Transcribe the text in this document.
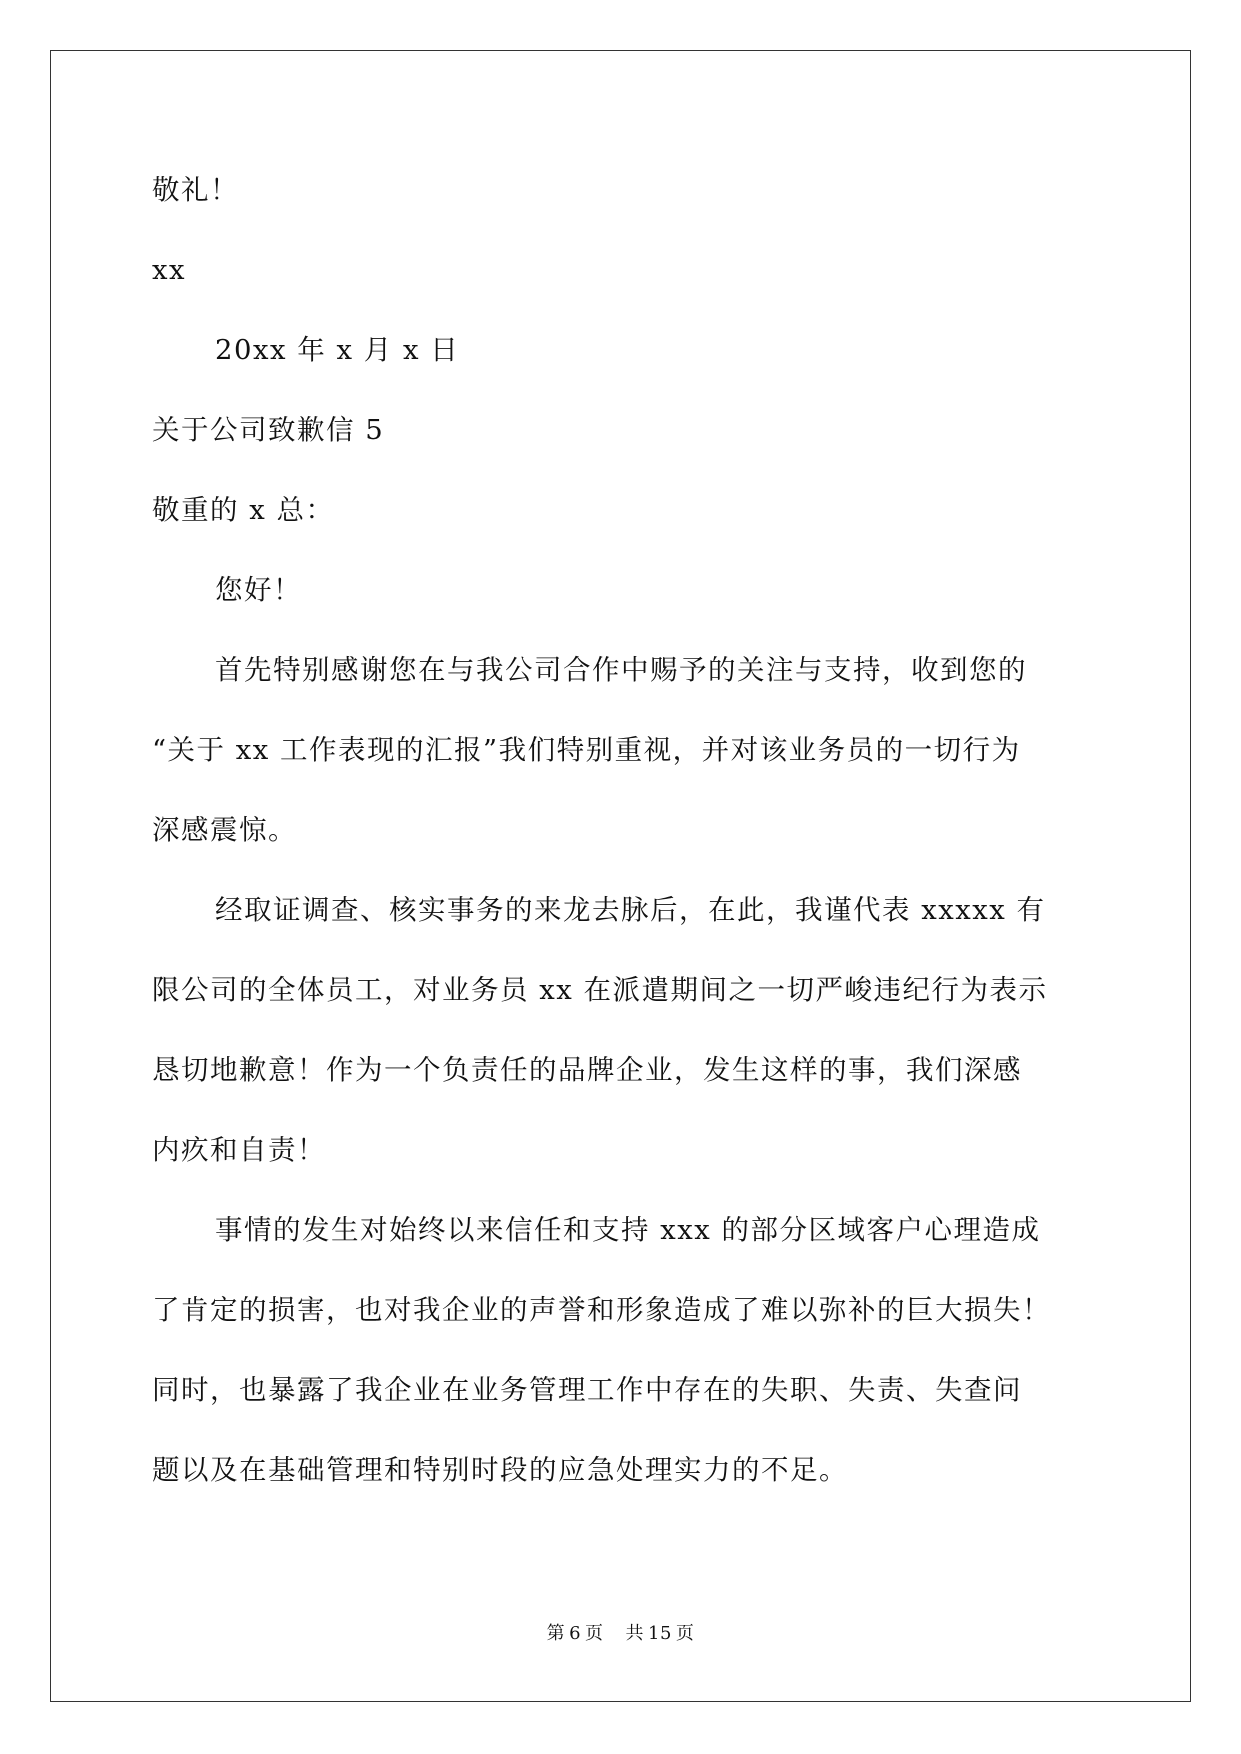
敬礼！
xx
20xx 年 x 月 x 日
关于公司致歉信 5
敬重的 x 总：
您好！
首先特别感谢您在与我公司合作中赐予的关注与支持，收到您的
“关于 xx 工作表现的汇报”我们特别重视，并对该业务员的一切行为
深感震惊。
经取证调查、核实事务的来龙去脉后，在此，我谨代表 xxxxx 有
限公司的全体员工，对业务员 xx 在派遣期间之一切严峻违纪行为表示
恳切地歉意！作为一个负责任的品牌企业，发生这样的事，我们深感
内疚和自责！
事情的发生对始终以来信任和支持 xxx 的部分区域客户心理造成
了肯定的损害，也对我企业的声誉和形象造成了难以弥补的巨大损失！
同时，也暴露了我企业在业务管理工作中存在的失职、失责、失查问
题以及在基础管理和特别时段的应急处理实力的不足。
第 6 页 共 15 页
